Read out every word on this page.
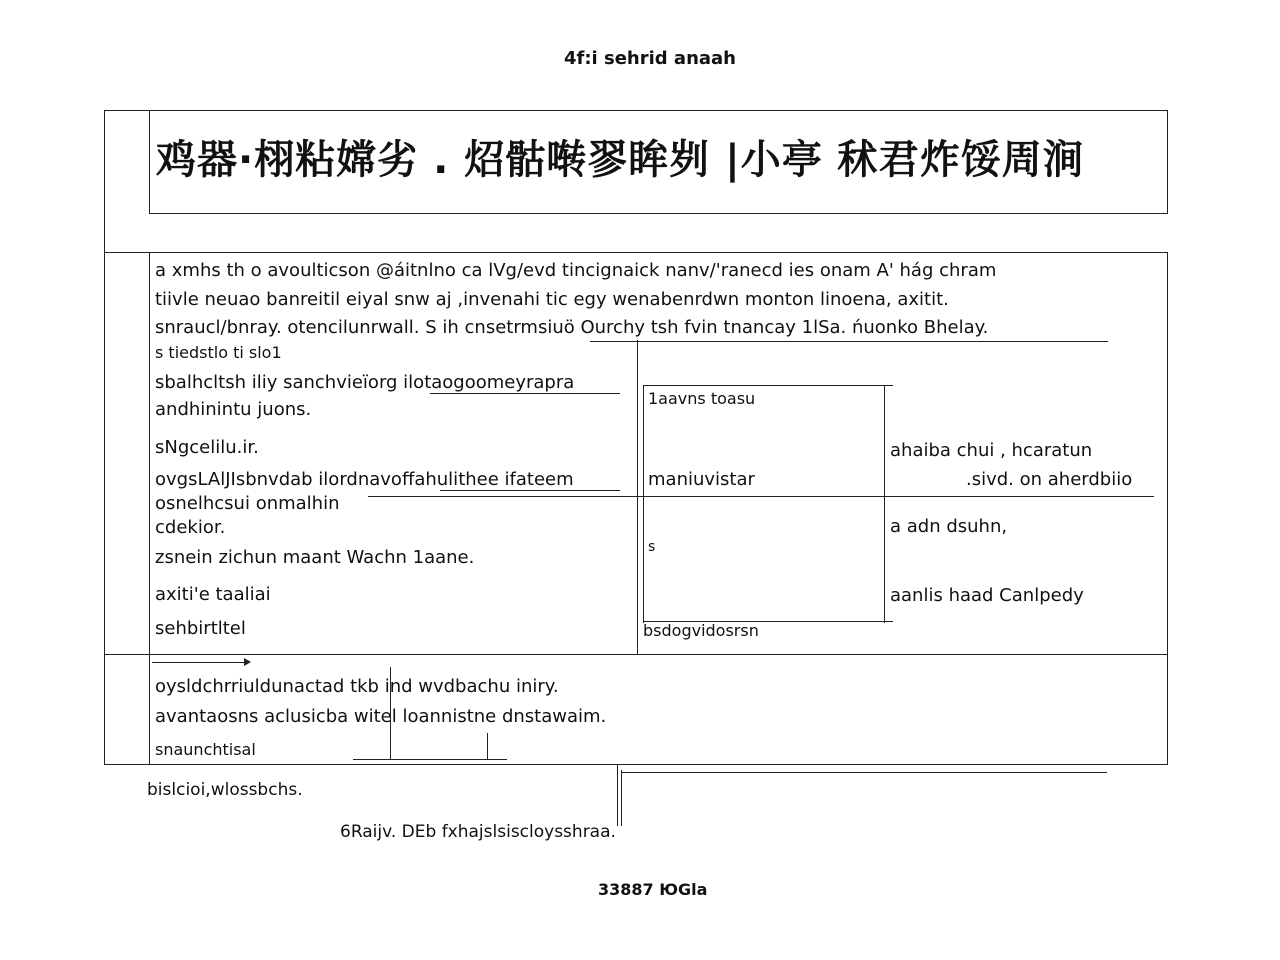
4f:i sehrid anaah
鸡器·栩粘嫦劣 . 炤骷啭翏眸刿 |小亭 秫君炸馁周涧
a xmhs th o avoulticson @áitnlno ca lVg/evd tincignaick nanv/'ranecd ies onam A' hág chram
tiivle neuao banreitil eiyal snw aj ,invenahi tic egy wenabenrdwn monton linoena, axitit.
snraucl/bnray. otencilunrwall. S ih cnsetrmsiuö Ourchy tsh fvin tnancay 1lSa. ńuonko Bhelay.
s tiedstlo ti slo1
sbalhcltsh iliy sanchvieïorg ilotaogoomeyrapra
andhinintu juons.
sNgcelilu.ir.
ovgsLAlJIsbnvdab ilordnavoffahulithee ifateem
osnelhcsui onmalhin
cdekior.
zsnein zichun maant Wachn 1aane.
axiti'e taaliai
sehbirtltel
1aavns toasu
maniuvistar
s
bsdogvidosrsn
ahaiba chui , hcaratun
.sivd. on aherdbiio
a adn dsuhn,
aanlis haad Canlpedy
oysldchrriuldunactad tkb ind wvdbachu iniry.
avantaosns aclusicba witel loannistne dnstawaim.
snaunchtisal
bislcioi,wlossbchs.
6Raijv. DEb fxhajslsiscloysshraa.
33887 ЮGla
